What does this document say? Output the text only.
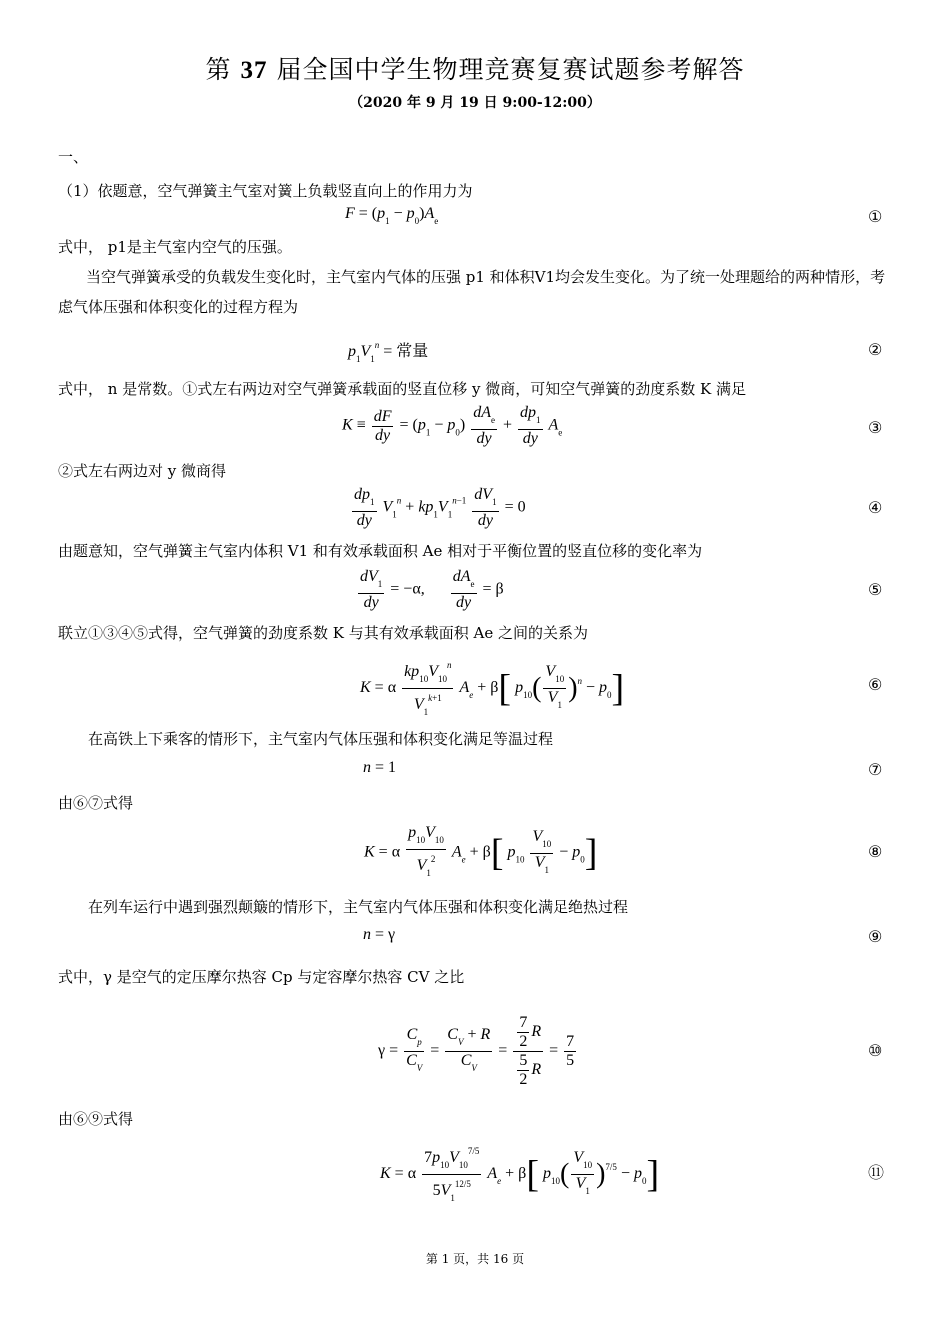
第 37 届全国中学生物理竞赛复赛试题参考解答
（2020 年 9 月 19 日 9:00-12:00）
一、
（1）依题意，空气弹簧主气室对簧上负载竖直向上的作用力为
$F = (p_1 - p_0)A_e$	①
式中， p1是主气室内空气的压强。
当空气弹簧承受的负载发生变化时，主气室内气体的压强 p1 和体积V1均会发生变化。为了统一处理题给的两种情形，考虑气体压强和体积变化的过程方程为
$p_1V_1^n$ = 常量	②
式中， n 是常数。①式左右两边对空气弹簧承载面的竖直位移 y 微商，可知空气弹簧的劲度系数 K 满足
$K \equiv \frac{dF}{dy} = (p_1 - p_0) \frac{dA_e}{dy} + \frac{dp_1}{dy} A_e$	③
②式左右两边对 y 微商得
$\frac{dp_1}{dy} V_1^n + kp_1V_1^{n-1} \frac{dV_1}{dy} = 0$	④
由题意知，空气弹簧主气室内体积 V1 和有效承载面积 Ae 相对于平衡位置的竖直位移的变化率为
$\frac{dV_1}{dy} = -\alpha$, $\frac{dA_e}{dy} = \beta$	⑤
联立①③④⑤式得，空气弹簧的劲度系数 K 与其有效承载面积 Ae 之间的关系为
K = α $\frac{kp_{10}V_{10}^n}{V_1^{k+1}} A_e + \beta$[ $p_{10}( \frac{V_{10}}{V_1} )^n - p_0$]	⑥
在高铁上下乘客的情形下，主气室内气体压强和体积变化满足等温过程
n = 1	⑦
由⑥⑦式得
K = α $\frac{p_{10}V_{10}}{V_1^2} A_e + \beta$[ $p_{10} \frac{V_{10}}{V_1} - p_0$]	⑧
在列车运行中遇到强烈颠簸的情形下，主气室内气体压强和体积变化满足绝热过程
n = γ	⑨
式中，γ 是空气的定压摩尔热容 Cp 与定容摩尔热容 CV 之比
$\gamma = \frac{C_p}{C_V} = \frac{C_V + R}{C_V} = \frac{\frac{7}{2} R}{\frac{5}{2} R} = \frac{7}{5}$	⑩
由⑥⑨式得
K = α $\frac{7p_{10}V_{10}^{7/5}}{5V_1^{12/5}} A_e + \beta$[ $p_{10}( \frac{V_{10}}{V_1} )^{7/5} - p_0$]	⑪
第 1 页，共 16 页
